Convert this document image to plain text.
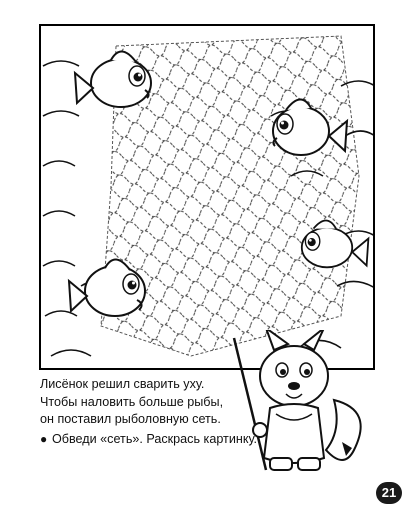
Лисёнок решил сварить уху.

Чтобы наловить больше рыбы,

он поставил рыболовную сеть.

● Обведи «сеть». Раскрась картинку.
21
